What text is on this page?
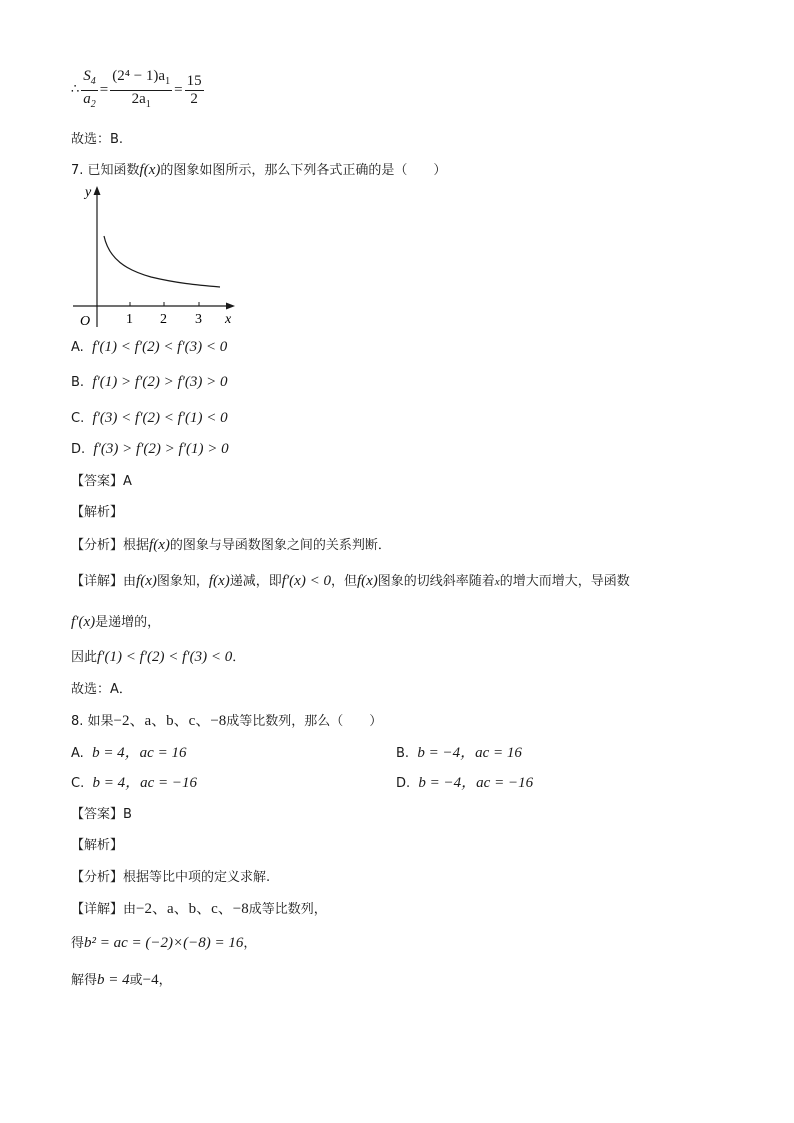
∴ $\frac{S_4}{a_2} = \frac{(2^4 - 1)a_1}{2a_1} = \frac{15}{2}$
故选：B.
7. 已知函数f(x)的图象如图所示，那么下列各式正确的是（　　）
y
x
O	1 2 3
A. f′(1) < f′(2) < f′(3) < 0
B. f′(1) > f′(2) > f′(3) > 0
C. f′(3) < f′(2) < f′(1) < 0
D. f′(3) > f′(2) > f′(1) > 0
【答案】A
【解析】
【分析】根据f(x)的图象与导函数图象之间的关系判断．
【详解】由f(x)图象知，f(x)递减，即f′(x) < 0，但f(x)图象的切线斜率随着x的增大而增大，导函数
f′(x)是递增的，
因此f′(1) < f′(2) < f′(3) < 0．
故选：A．
8. 如果−2、a、b、c、−8成等比数列，那么（　　）
A. b = 4，ac = 16	B. b = −4，ac = 16
C. b = 4，ac = −16	D. b = −4，ac = −16
【答案】B
【解析】
【分析】根据等比中项的定义求解.
【详解】由−2、a、b、c、−8成等比数列，
得b² = ac = (−2)×(−8) = 16，
解得b = 4或−4，
